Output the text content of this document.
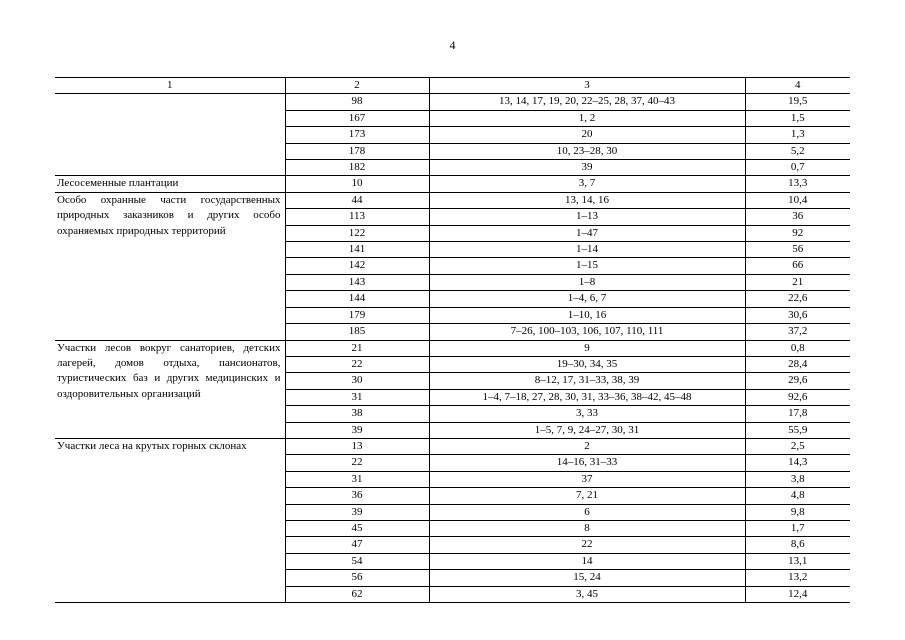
4
1	2	3	4
	98	13, 14, 17, 19, 20, 22–25, 28, 37, 40–43	19,5
	167	1, 2	1,5
	173	20	1,3
	178	10, 23–28, 30	5,2
	182	39	0,7
Лесосеменные плантации	10	3, 7	13,3
Особо охранные части государственных природных заказников и других особо охраняемых природных территорий	44	13, 14, 16	10,4
	113	1–13	36
	122	1–47	92
	141	1–14	56
	142	1–15	66
	143	1–8	21
	144	1–4, 6, 7	22,6
	179	1–10, 16	30,6
	185	7–26, 100–103, 106, 107, 110, 111	37,2
Участки лесов вокруг санаториев, детских лагерей, домов отдыха, пансионатов, туристических баз и других медицинских и оздоровительных организаций	21	9	0,8
	22	19–30, 34, 35	28,4
	30	8–12, 17, 31–33, 38, 39	29,6
	31	1–4, 7–18, 27, 28, 30, 31, 33–36, 38–42, 45–48	92,6
	38	3, 33	17,8
	39	1–5, 7, 9, 24–27, 30, 31	55,9
Участки леса на крутых горных склонах	13	2	2,5
	22	14–16, 31–33	14,3
	31	37	3,8
	36	7, 21	4,8
	39	6	9,8
	45	8	1,7
	47	22	8,6
	54	14	13,1
	56	15, 24	13,2
	62	3, 45	12,4
